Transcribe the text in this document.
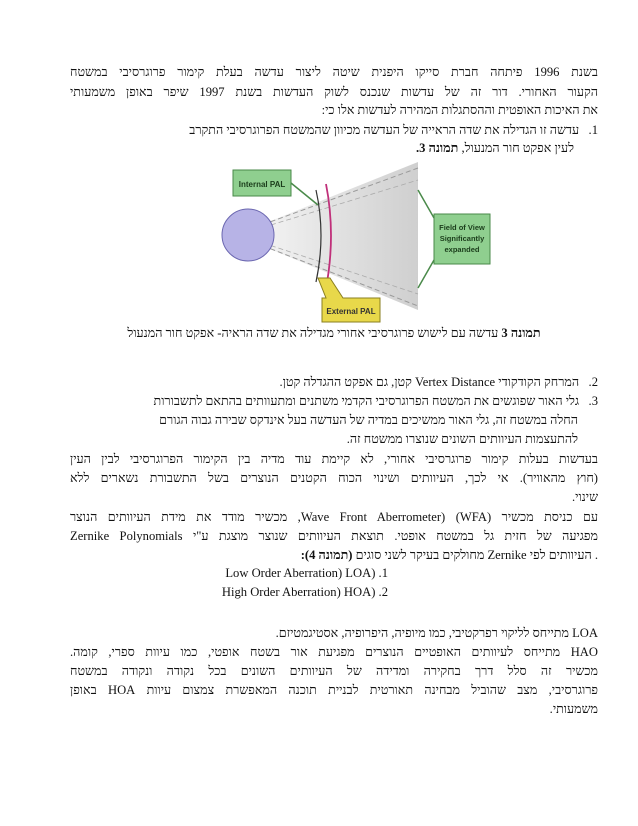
בשנת 1996 פיתחה חברת סייקו היפנית שיטה ליצור עדשה בעלת קימור פרוגרסיבי במשטח
הקעור האחורי. דור זה של עדשות שנכנס לשוק העדשות בשנת 1997 שיפר באופן משמעותי
את האיכות האופטית וההסתגלות המהירה לעדשות אלו כי:
1.   עדשה זו הגדילה את שדה הראייה של העדשה מכיוון שהמשטח הפרוגרסיבי התקרב
לעין אפקט חור המנעול, תמונה 3.
Internal PAL
External PAL
Field of View
Significantly
expanded
תמונה 3 עדשה עם לישוש פרוגרסיבי אחורי מגדילה את שדה הראיה- אפקט חור המנעול
2.   המרחק הקודקודי Vertex Distance קטן, גם אפקט ההגדלה קטן.
3.   גלי האור שפוגשים את המשטח הפרוגרסיבי הקדמי משתנים ומתעוותים בהתאם לתשבורות
החלה במשטח זה, גלי האור ממשיכים במדיה של העדשה בעל אינדקס שבירה גבוה הגורם
להתעצמות העיוותים השונים שנוצרו ממשטח זה.
בעדשות בעלות קימור פרוגרסיבי אחורי, לא קיימת עוד מדיה בין הקימור הפרוגרסיבי לבין העין
(חוץ מהאוויר). אי לכך, העיוותים ושינוי הכוח הקטנים הנוצרים בשל התשבורת נשארים ללא
שינוי.
עם כניסת מכשיר (WFA) (Wave Front Aberrometer, מכשיר מודד את מידת העיוותים הנוצר
מפגיעה של חזית גל במשטח אופטי. תוצאת העיוותים שנוצר מוצגת ע"י Zernike Polynomials
. העיוותים לפי Zernike מחולקים בעיקר לשני סוגים (תמונה 4):
1. Low Order Aberration) LOA)
2. High Order Aberration) HOA)
LOA מתייחס לליקוי רפרקטיבי, כמו מיופיה, היפרופיה, אסטיגמטיזם.
HAO מתייחס לעיוותים האופטיים הנוצרים מפגיעת אור בשטח אופטי, כמו עיוות ספרי, קומה.
מכשיר זה סלל דרך בחקירה ומדידה של העיוותים השונים בכל נקודה ונקודה במשטח
פרוגרסיבי, מצב שהוביל מבחינה תאורטית לבניית תוכנה המאפשרת צמצום עיוות HOA באופן
משמעותי.
